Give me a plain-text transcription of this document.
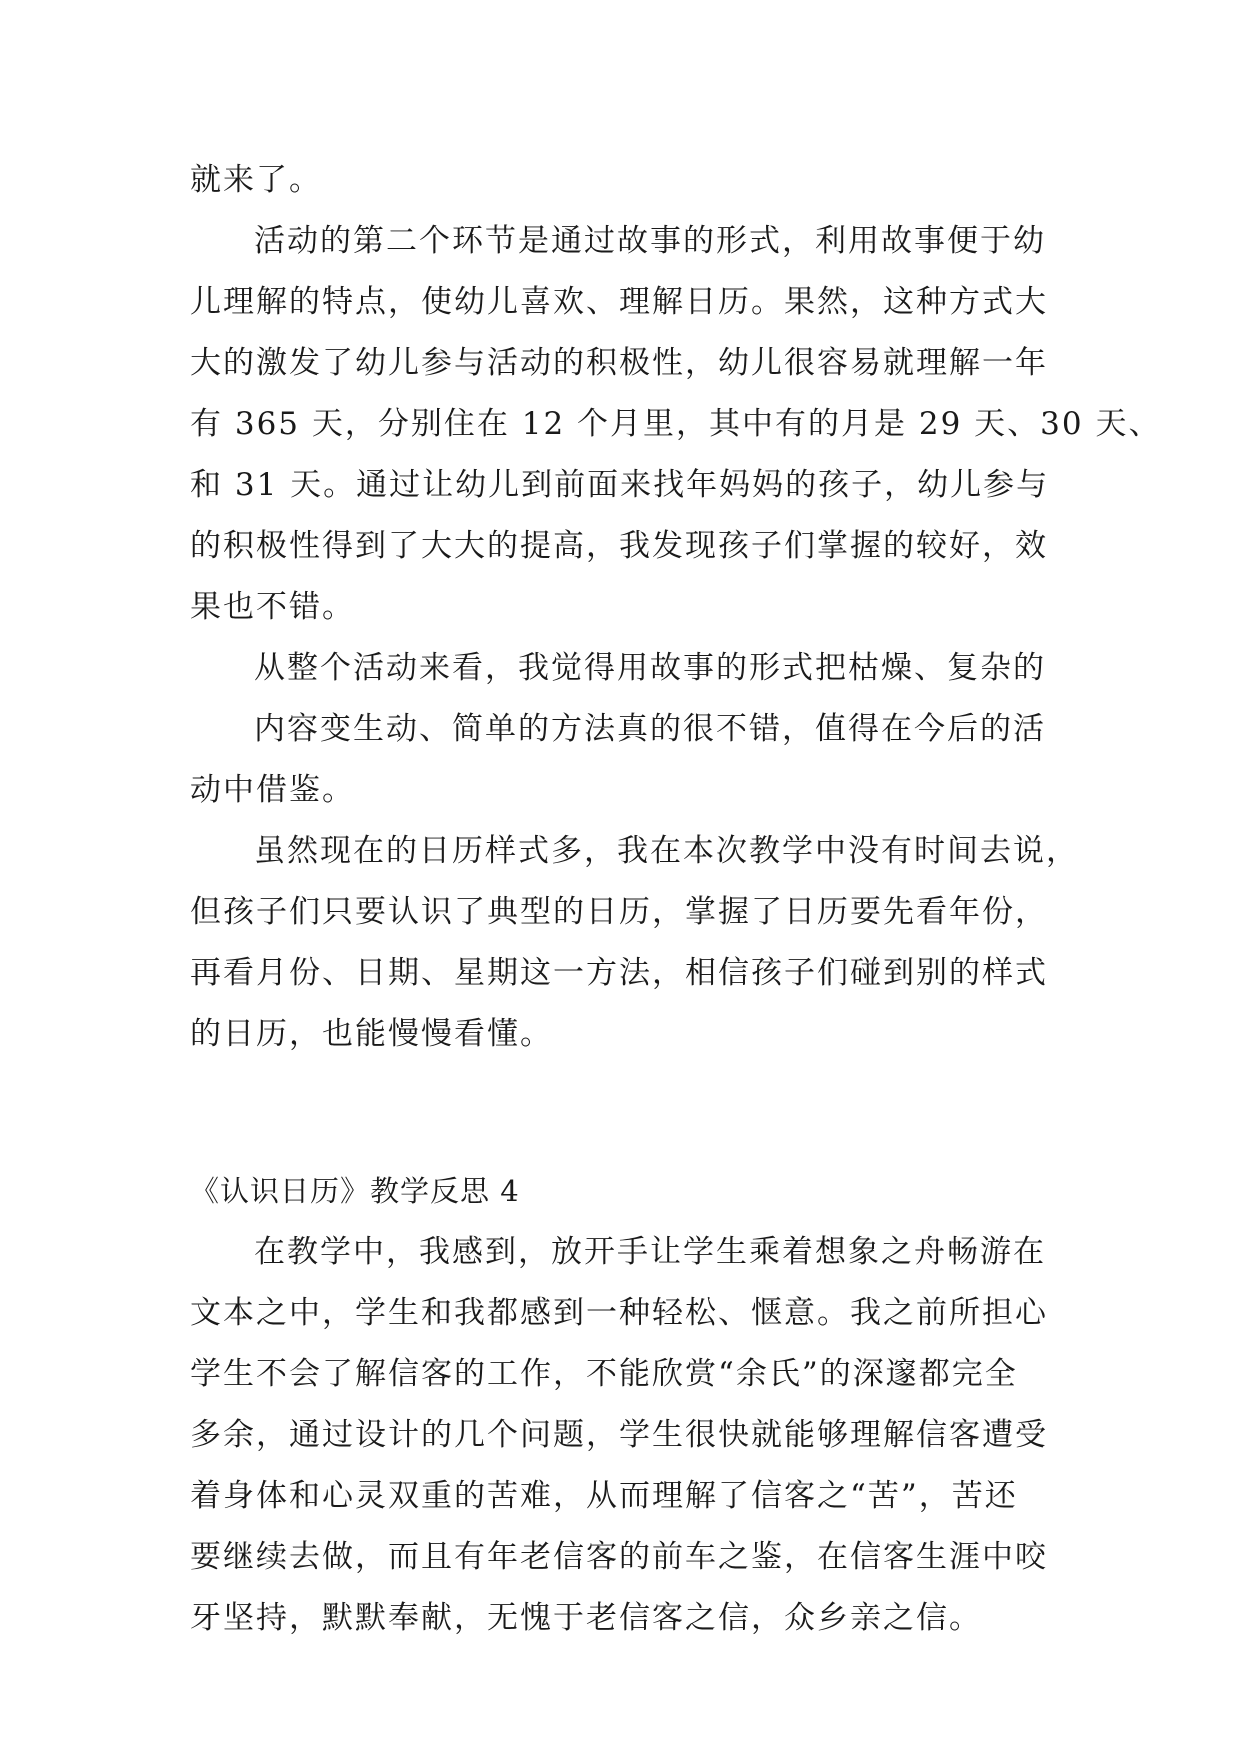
就来了。
活动的第二个环节是通过故事的形式，利用故事便于幼
儿理解的特点，使幼儿喜欢、理解日历。果然，这种方式大
大的激发了幼儿参与活动的积极性，幼儿很容易就理解一年
有 365 天，分别住在 12 个月里，其中有的月是 29 天、30 天、
和 31 天。通过让幼儿到前面来找年妈妈的孩子，幼儿参与
的积极性得到了大大的提高，我发现孩子们掌握的较好，效
果也不错。
从整个活动来看，我觉得用故事的形式把枯燥、复杂的
内容变生动、简单的方法真的很不错，值得在今后的活
动中借鉴。
虽然现在的日历样式多，我在本次教学中没有时间去说，
但孩子们只要认识了典型的日历，掌握了日历要先看年份，
再看月份、日期、星期这一方法，相信孩子们碰到别的样式
的日历，也能慢慢看懂。
《认识日历》教学反思 4
在教学中，我感到，放开手让学生乘着想象之舟畅游在
文本之中，学生和我都感到一种轻松、惬意。我之前所担心
学生不会了解信客的工作，不能欣赏“余氏”的深邃都完全
多余，通过设计的几个问题，学生很快就能够理解信客遭受
着身体和心灵双重的苦难，从而理解了信客之“苦”，苦还
要继续去做，而且有年老信客的前车之鉴，在信客生涯中咬
牙坚持，默默奉献，无愧于老信客之信，众乡亲之信。
